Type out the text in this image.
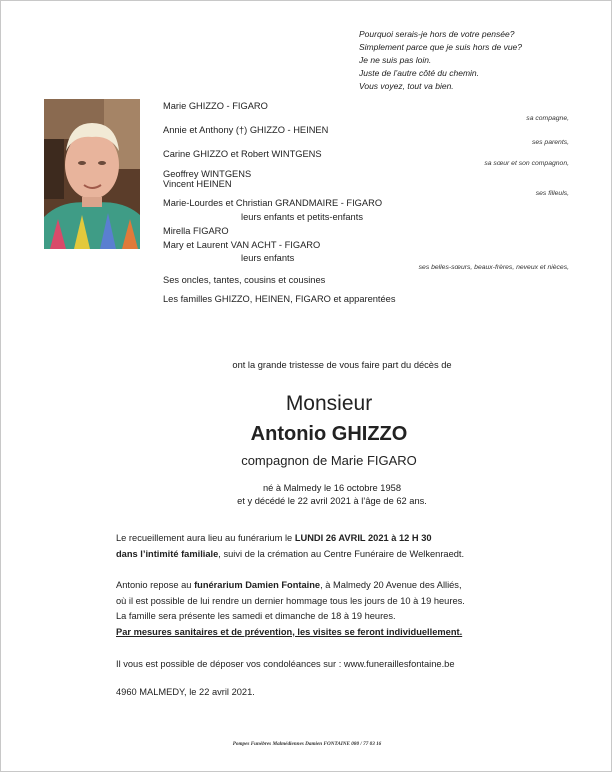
Pourquoi serais-je hors de votre pensée?
Simplement parce que je suis hors de vue?
Je ne suis pas loin.
Juste de l’autre côté du chemin.
Vous voyez, tout va bien.
Marie GHIZZO - FIGARO
sa compagne,
Annie et Anthony (†) GHIZZO - HEINEN
ses parents,
Carine GHIZZO et Robert WINTGENS
sa sœur et son compagnon,
Geoffrey WINTGENS
Vincent HEINEN
ses filleuls,
Marie-Lourdes et Christian GRANDMAIRE - FIGARO
leurs enfants et petits-enfants
Mirella FIGARO
Mary et Laurent VAN ACHT - FIGARO
leurs enfants
ses belles-sœurs, beaux-frères, neveux et nièces,
Ses oncles, tantes, cousins et cousines
Les familles GHIZZO, HEINEN, FIGARO et apparentées
ont la grande tristesse de vous faire part du décès de
Monsieur
Antonio GHIZZO
compagnon de Marie FIGARO
né à Malmedy le 16 octobre 1958
et y décédé le 22 avril 2021 à l’âge de 62 ans.
Le recueillement aura lieu au funérarium le LUNDI 26 AVRIL 2021 à 12 H 30
dans l’intimité familiale, suivi de la crémation au Centre Funéraire de Welkenraedt.
Antonio repose au funérarium Damien Fontaine, à Malmedy 20 Avenue des Alliés,
où il est possible de lui rendre un dernier hommage tous les jours de 10 à 19 heures.
La famille sera présente les samedi et dimanche de 18 à 19 heures.
Par mesures sanitaires et de prévention, les visites se feront individuellement.
Il vous est possible de déposer vos condoléances sur : www.funeraillesfontaine.be
4960 MALMEDY, le 22 avril 2021.
Pompes Funèbres Malmédiennes Damien FONTAINE 080 / 77 03 16
